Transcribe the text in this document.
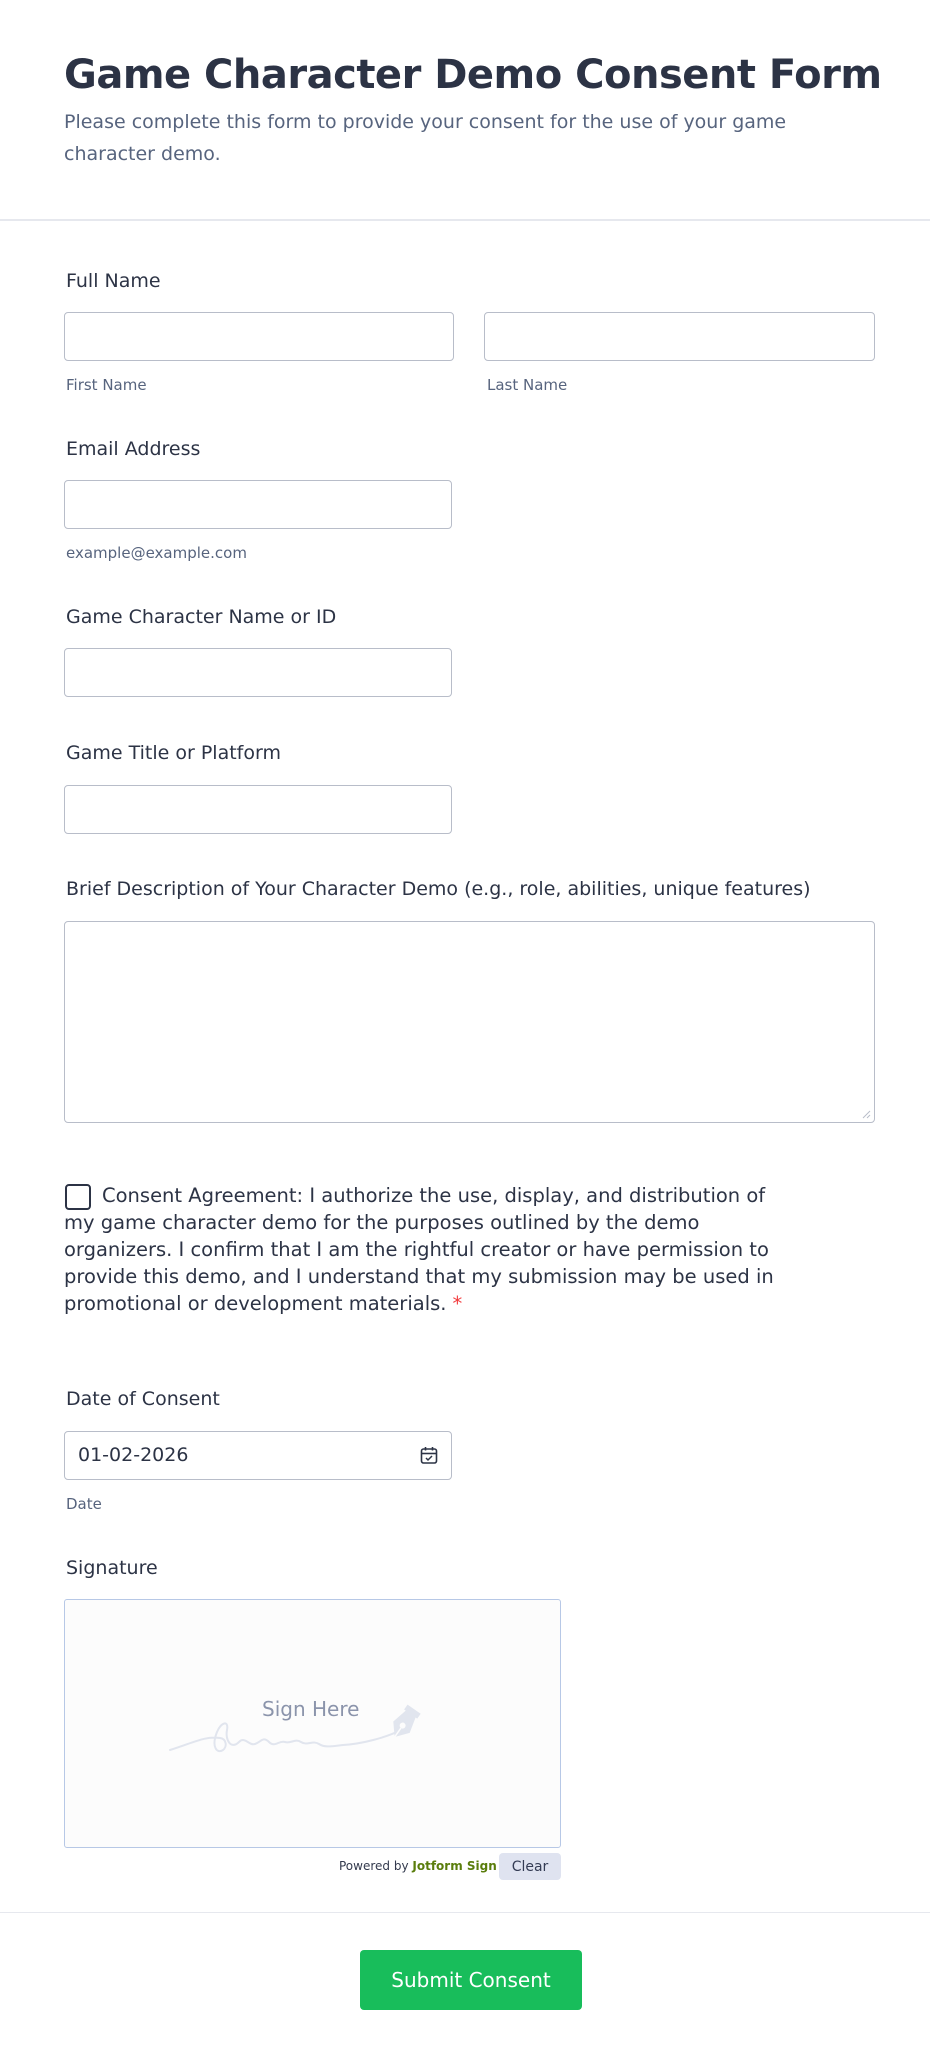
Game Character Demo Consent Form

Please complete this form to provide your consent for the use of your game character demo.

Full Name
First Name	Last Name
Email Address
example@example.com
Game Character Name or ID
Game Title or Platform
Brief Description of Your Character Demo (e.g., role, abilities, unique features)

Consent Agreement: I authorize the use, display, and distribution of my game character demo for the purposes outlined by the demo organizers. I confirm that I am the rightful creator or have permission to provide this demo, and I understand that my submission may be used in promotional or development materials. *

Date of Consent
01-02-2026
Date
Signature
Sign Here
Powered by Jotform Sign	Clear
Submit Consent
